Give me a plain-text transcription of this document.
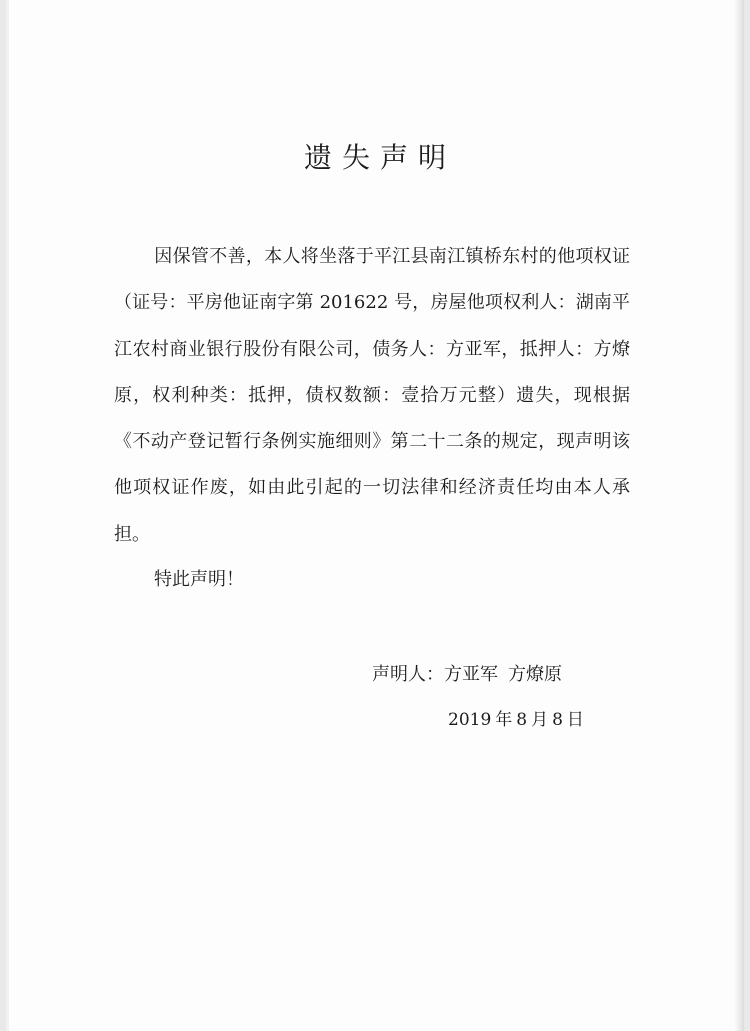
遗失声明

因保管不善，本人将坐落于平江县南江镇桥东村的他项权证（证号：平房他证南字第 201622 号，房屋他项权利人：湖南平江农村商业银行股份有限公司，债务人：方亚军，抵押人：方燎原，权利种类：抵押，债权数额：壹拾万元整）遗失，现根据《不动产登记暂行条例实施细则》第二十二条的规定，现声明该他项权证作废，如由此引起的一切法律和经济责任均由本人承担。

特此声明！

声明人：方亚军 方燎原

2019 年 8 月 8 日
